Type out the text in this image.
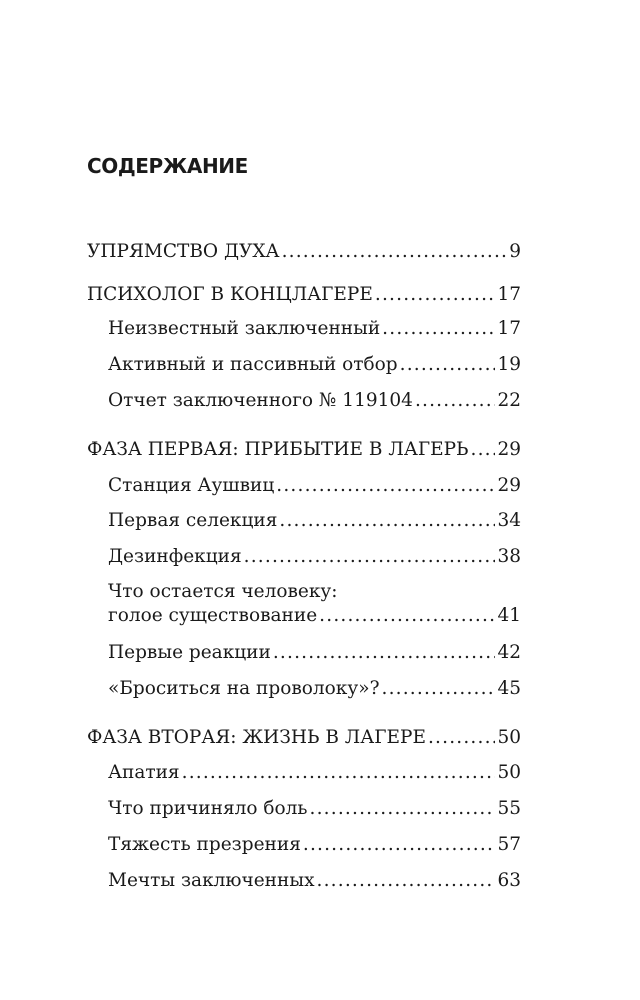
СОДЕРЖАНИЕ
УПРЯМСТВО ДУХА .....	9
ПСИХОЛОГ В КОНЦЛАГЕРЕ .....	17
Неизвестный заключенный .....	17
Активный и пассивный отбор .....	19
Отчет заключенного № 119104 .....	22
ФАЗА ПЕРВАЯ: ПРИБЫТИЕ В ЛАГЕРЬ ..... 29
Станция Аушвиц .....	29
Первая селекция .....	34
Дезинфекция .....	38
Что остается человеку:
голое существование .....	41
Первые реакции .....	42
«Броситься на проволоку»? .....	45
ФАЗА ВТОРАЯ: ЖИЗНЬ В ЛАГЕРЕ .....	50
Апатия .....	50
Что причиняло боль .....	55
Тяжесть презрения .....	57
Мечты заключенных .....	63
